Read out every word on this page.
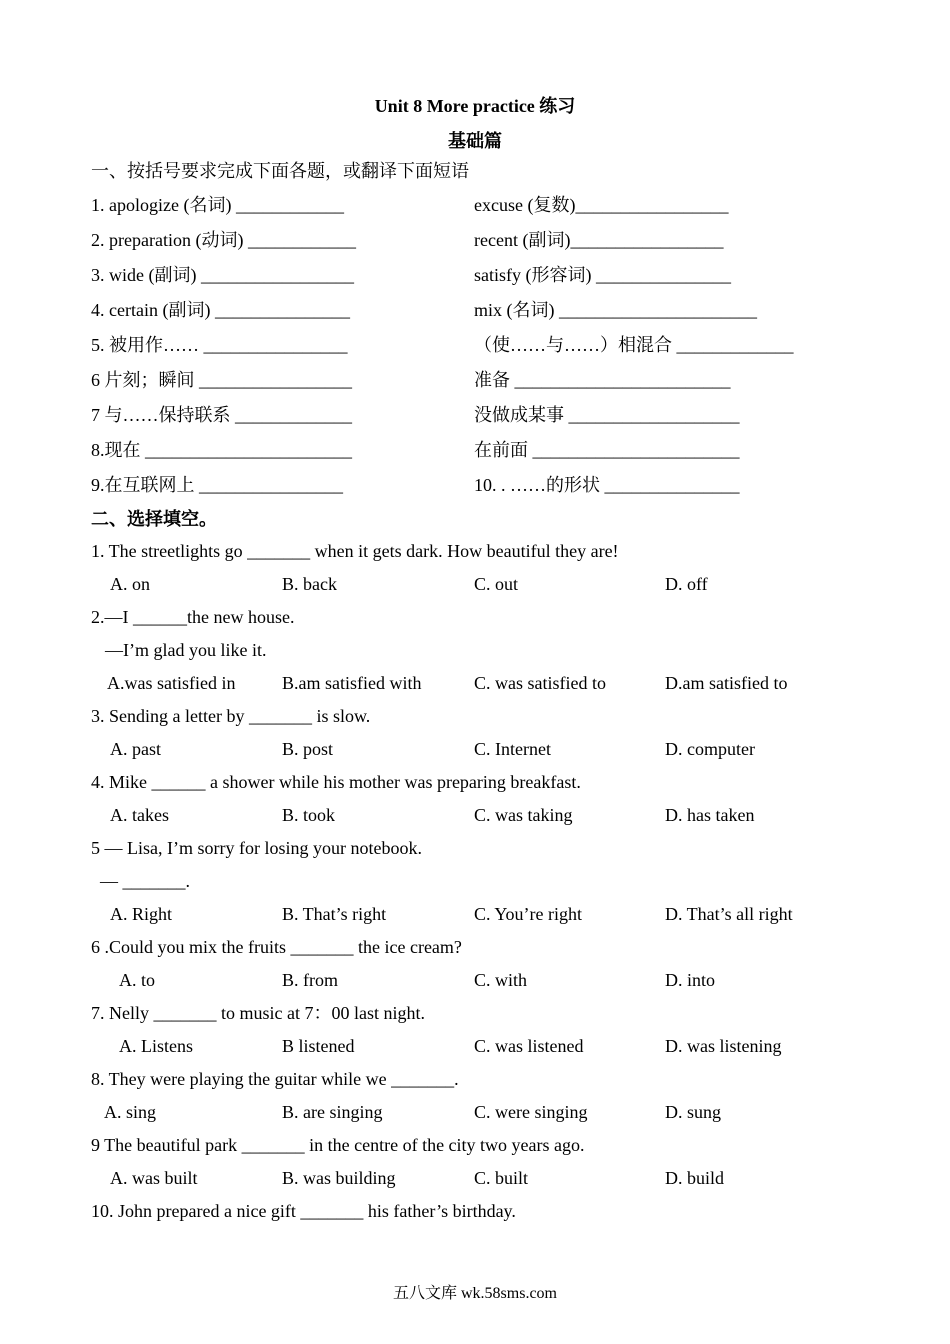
Unit 8 More practice 练习
基础篇
一、按括号要求完成下面各题，或翻译下面短语
1. apologize (名词) ____________	excuse (复数)_________________
2. preparation (动词) ____________	recent (副词)_________________
3. wide (副词) _________________	satisfy (形容词) _______________
4. certain (副词) _______________	mix (名词) ______________________
5. 被用作…… ________________	（使……与……）相混合 _____________
6 片刻；瞬间 _________________	准备 ________________________
7 与……保持联系 _____________	没做成某事 ___________________
8.现在 _______________________	在前面 _______________________
9.在互联网上 ________________	10. . ……的形状 _______________
二、选择填空。
1. The streetlights go _______ when it gets dark. How beautiful they are!
A. on	B. back	C. out	D. off
2.—I ______the new house.
—I’m glad you like it.
A.was satisfied in	B.am satisfied with	C. was satisfied to	D.am satisfied to
3. Sending a letter by _______ is slow.
A. past	B. post	C. Internet	D. computer
4. Mike ______ a shower while his mother was preparing breakfast.
A. takes	B. took	C. was taking	D. has taken
5 — Lisa, I’m sorry for losing your notebook.
— _______.
A. Right	B. That’s right	C. You’re right	D. That’s all right
6 .Could you mix the fruits _______ the ice cream?
A. to	B. from	C. with	D. into
7. Nelly _______ to music at 7：00 last night.
A. Listens	B listened	C. was listened	D. was listening
8. They were playing the guitar while we _______.
A. sing	B. are singing	C. were singing	D. sung
9 The beautiful park _______ in the centre of the city two years ago.
A. was built	B. was building	C. built	D. build
10. John prepared a nice gift _______ his father’s birthday.
五八文库 wk.58sms.com
